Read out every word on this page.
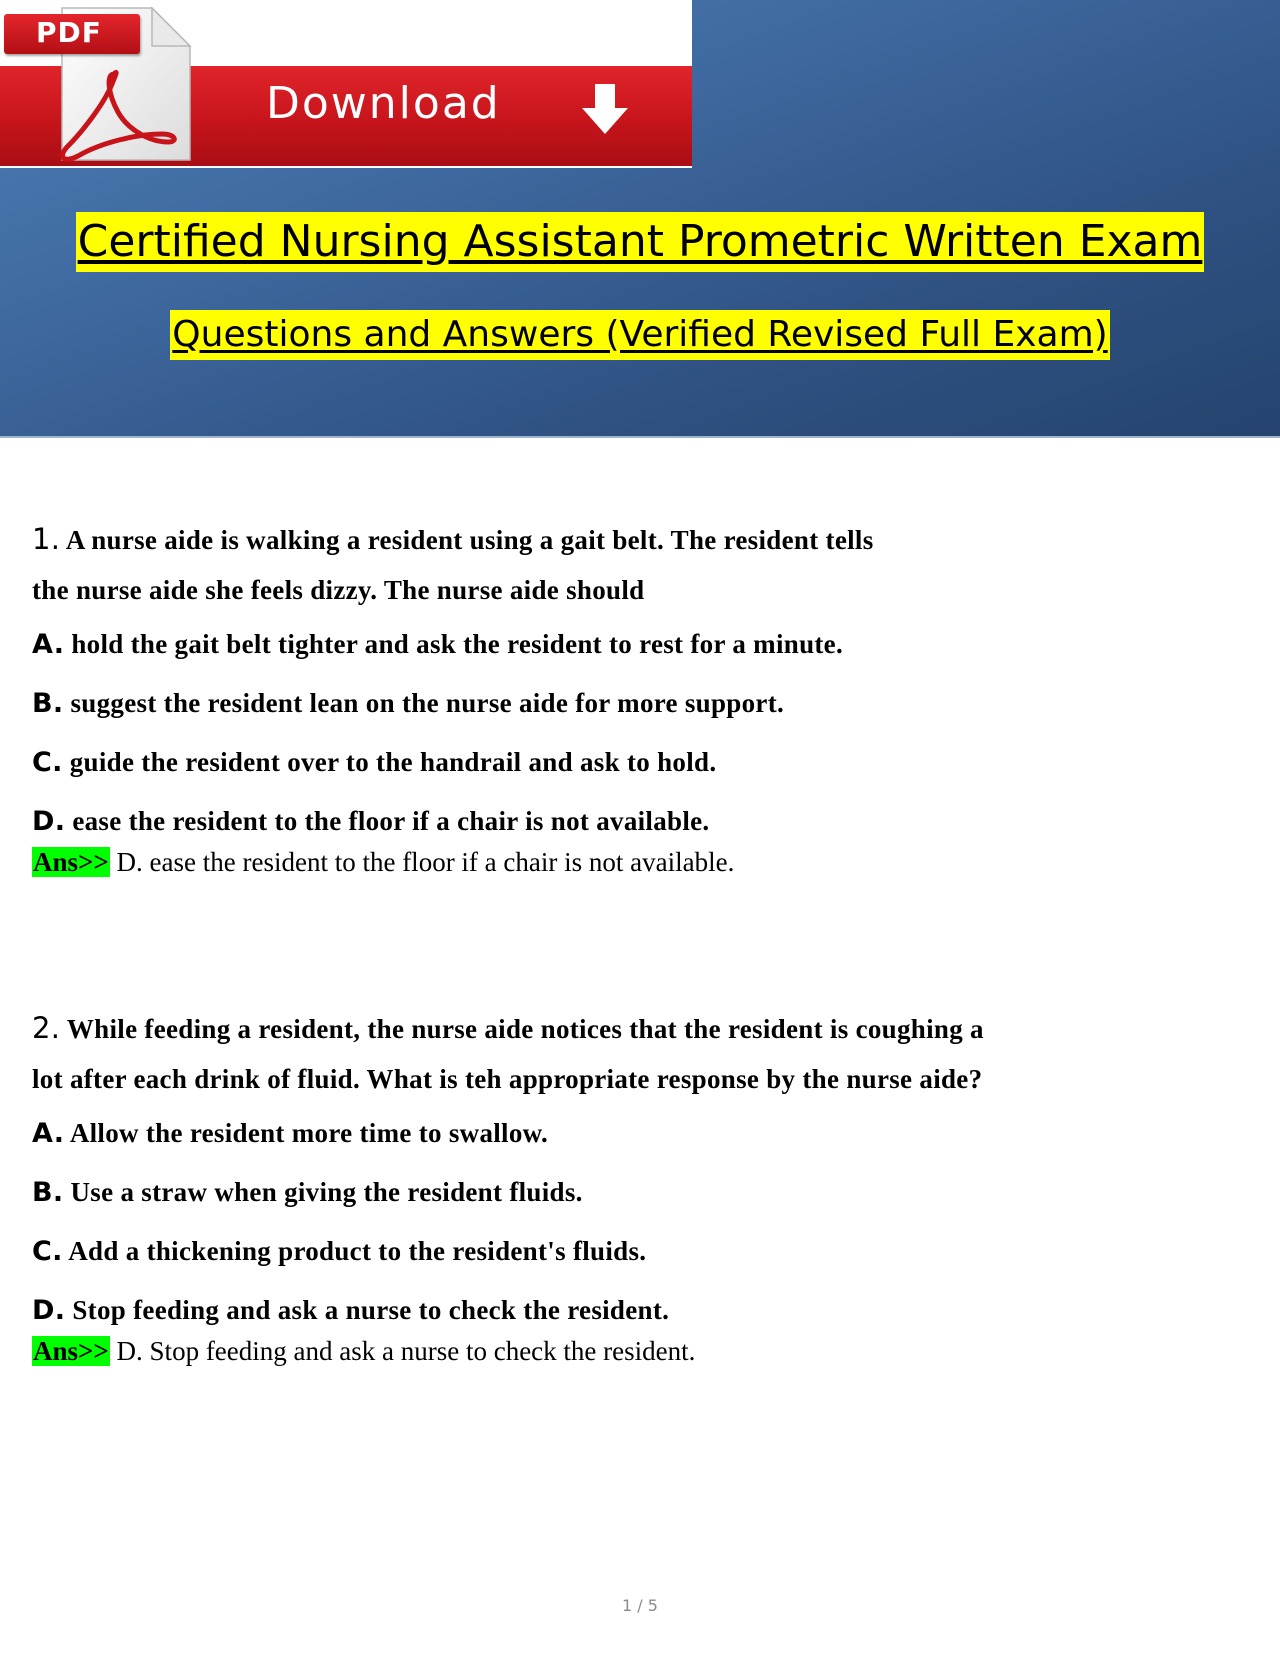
PDF
Download
Certified Nursing Assistant Prometric Written Exam
Questions and Answers (Verified Revised Full Exam)

1. A nurse aide is walking a resident using a gait belt. The resident tells
the nurse aide she feels dizzy. The nurse aide should

A. hold the gait belt tighter and ask the resident to rest for a minute.
B. suggest the resident lean on the nurse aide for more support.
C. guide the resident over to the handrail and ask to hold.
D. ease the resident to the floor if a chair is not available.
Ans>> D. ease the resident to the floor if a chair is not available.

2. While feeding a resident, the nurse aide notices that the resident is coughing a
lot after each drink of fluid. What is teh appropriate response by the nurse aide?

A. Allow the resident more time to swallow.
B. Use a straw when giving the resident fluids.
C. Add a thickening product to the resident's fluids.
D. Stop feeding and ask a nurse to check the resident.
Ans>> D. Stop feeding and ask a nurse to check the resident.
1 / 5
